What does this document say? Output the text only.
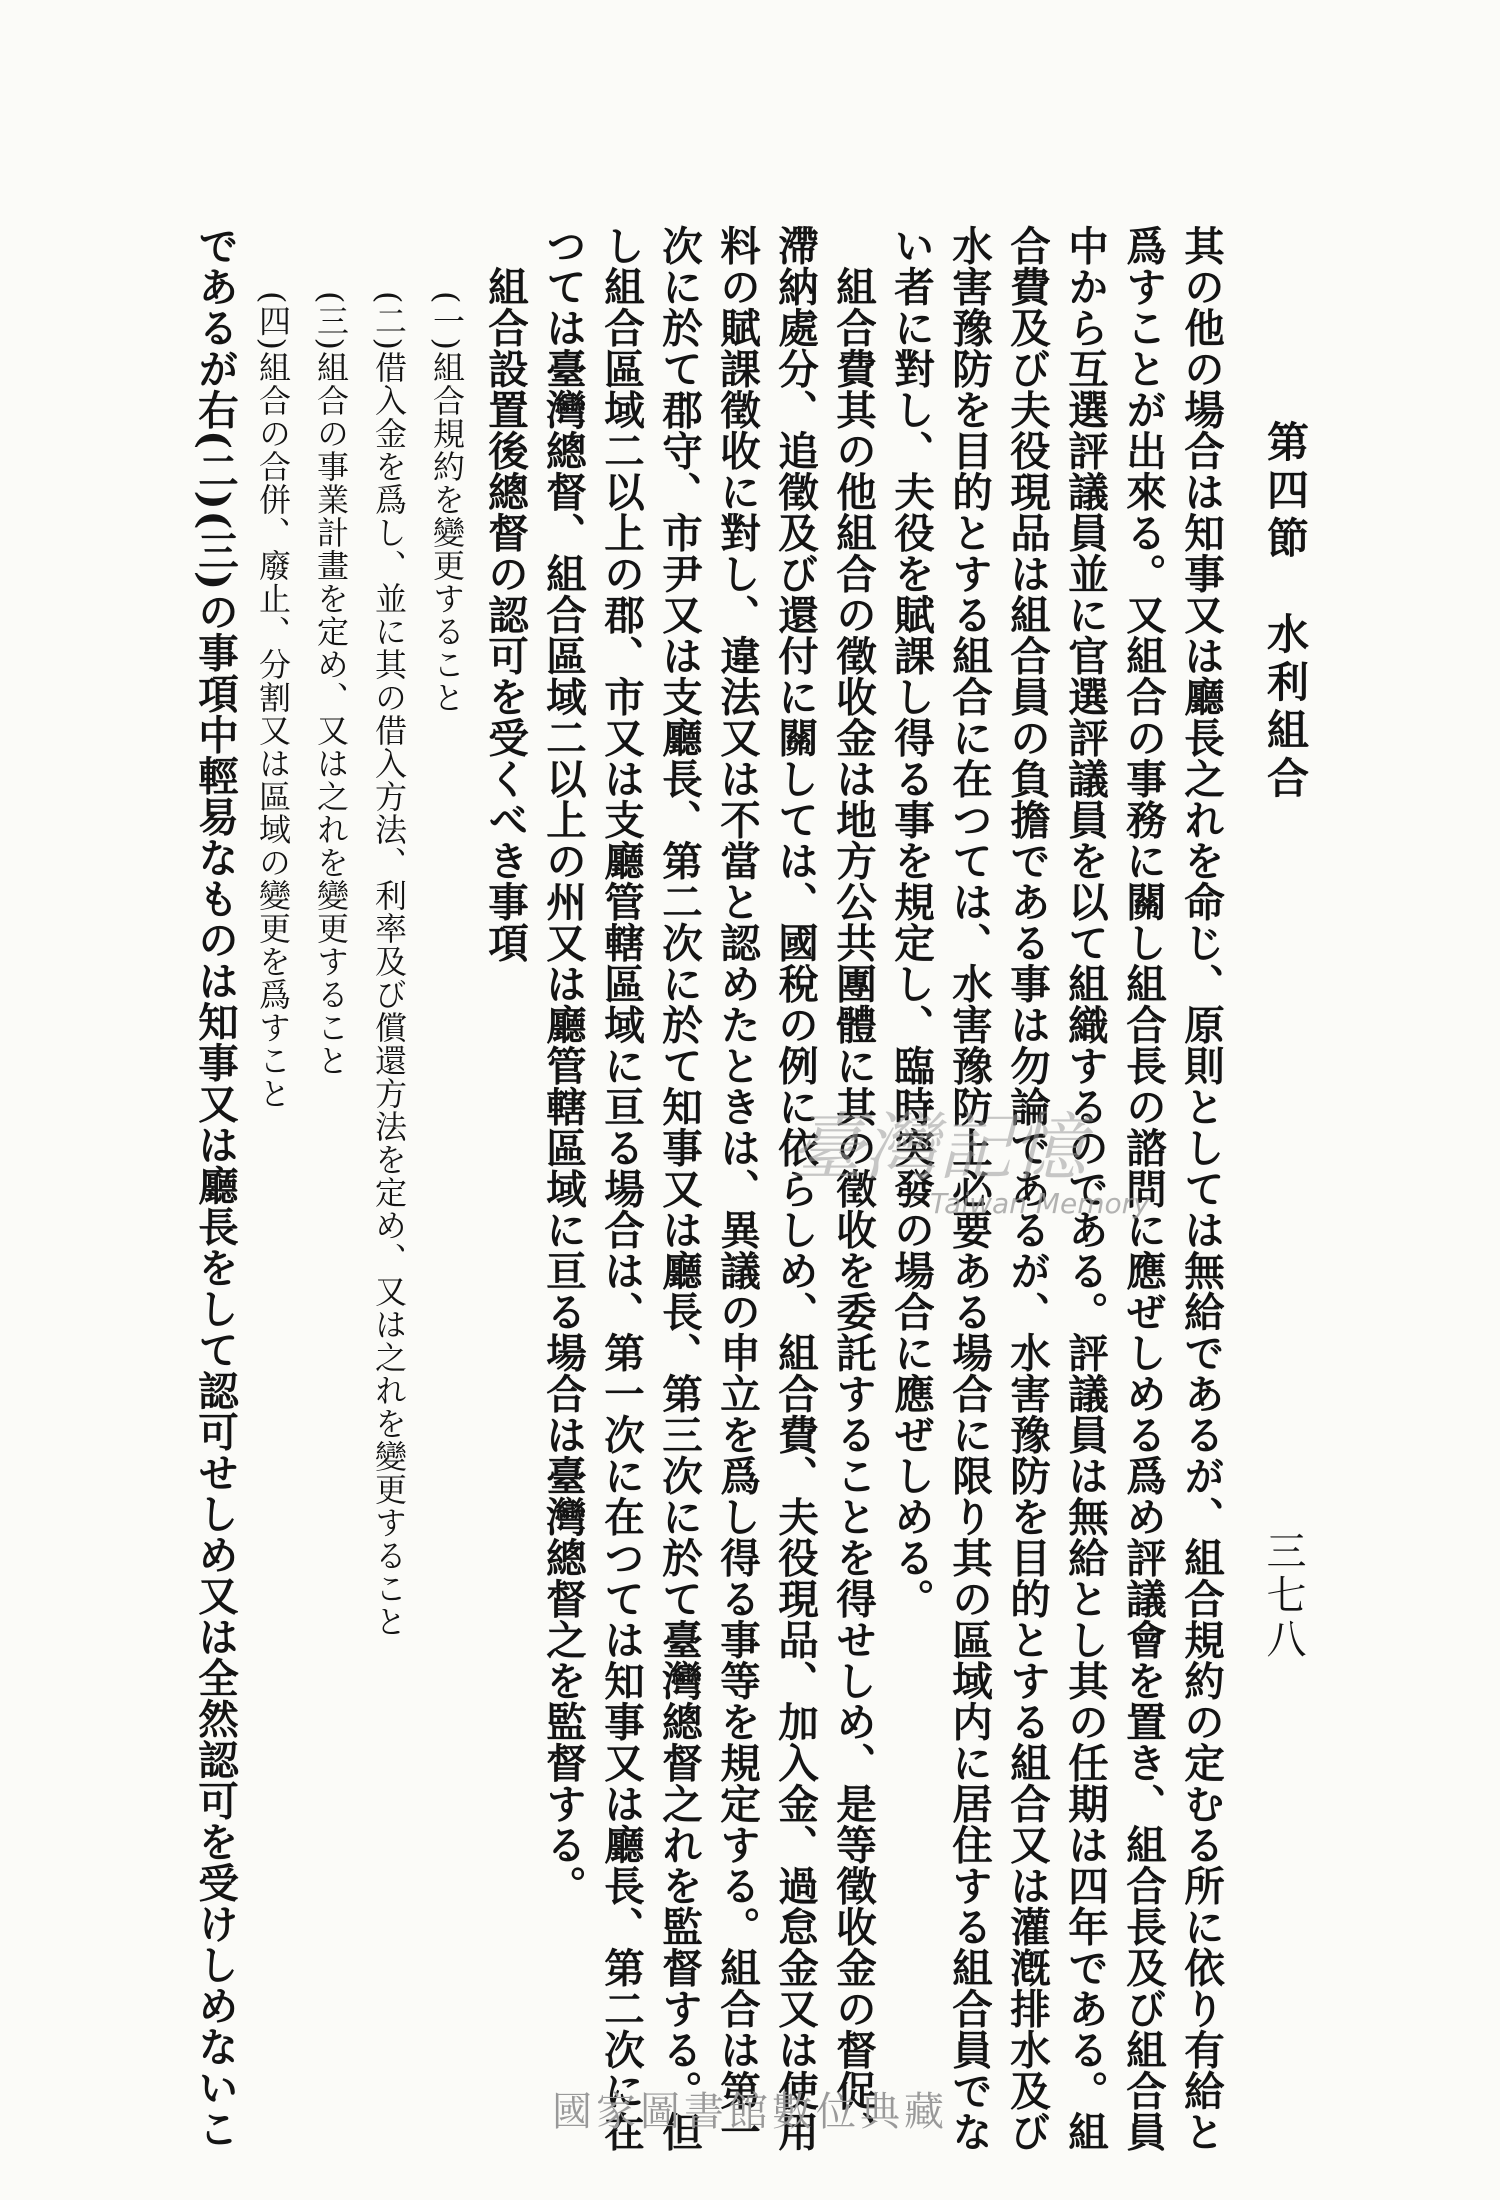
三七八
第四節　水利組合
其の他の場合は知事又は廳長之れを命じ、原則としては無給であるが、組合規約の定むる所に依り有給と
爲すことが出來る。又組合の事務に關し組合長の諮問に應ぜしめる爲め評議會を置き、組合長及び組合員
中から互選評議員並に官選評議員を以て組織するのである。評議員は無給とし其の任期は四年である。組
合費及び夫役現品は組合員の負擔である事は勿論であるが、水害豫防を目的とする組合又は灌漑排水及び
水害豫防を目的とする組合に在つては、水害豫防上必要ある場合に限り其の區域内に居住する組合員でな
い者に對し、夫役を賦課し得る事を規定し、臨時突發の場合に應ぜしめる。
　組合費其の他組合の徵收金は地方公共團體に其の徵收を委託することを得せしめ、是等徵收金の督促、
滯納處分、追徵及び還付に關しては、國稅の例に依らしめ、組合費、夫役現品、加入金、過怠金又は使用
料の賦課徵收に對し、違法又は不當と認めたときは、異議の申立を爲し得る事等を規定する。組合は第一
次に於て郡守、市尹又は支廳長、第二次に於て知事又は廳長、第三次に於て臺灣總督之れを監督する。但
し組合區域二以上の郡、市又は支廳管轄區域に亘る場合は、第一次に在つては知事又は廳長、第二次に在
つては臺灣總督、組合區域二以上の州又は廳管轄區域に亘る場合は臺灣總督之を監督する。
　組合設置後總督の認可を受くべき事項
　　(一)組合規約を變更すること
　　(二)借入金を爲し、並に其の借入方法、利率及び償還方法を定め、又は之れを變更すること
　　(三)組合の事業計畫を定め、又は之れを變更すること
　　(四)組合の合併、廢止、分割又は區域の變更を爲すこと
であるが右(二)(三)の事項中輕易なものは知事又は廳長をして認可せしめ又は全然認可を受けしめないこ	臺灣記憶
Taiwan Memory
國家圖書館數位典藏
